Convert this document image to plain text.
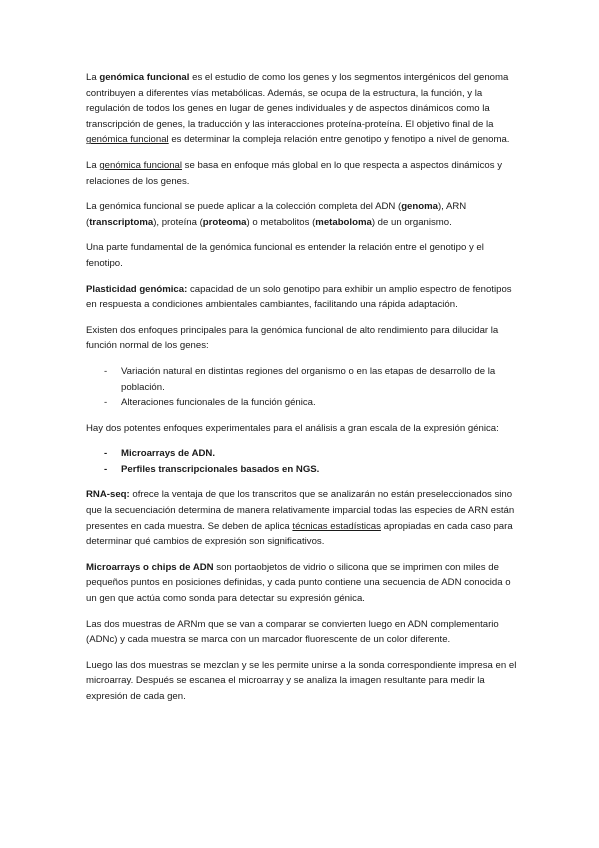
La genómica funcional es el estudio de como los genes y los segmentos intergénicos del genoma contribuyen a diferentes vías metabólicas. Además, se ocupa de la estructura, la función, y la regulación de todos los genes en lugar de genes individuales y de aspectos dinámicos como la transcripción de genes, la traducción y las interacciones proteína-proteína. El objetivo final de la genómica funcional es determinar la compleja relación entre genotipo y fenotipo a nivel de genoma.

La genómica funcional se basa en enfoque más global en lo que respecta a aspectos dinámicos y relaciones de los genes.

La genómica funcional se puede aplicar a la colección completa del ADN (genoma), ARN (transcriptoma), proteína (proteoma) o metabolitos (metaboloma) de un organismo.

Una parte fundamental de la genómica funcional es entender la relación entre el genotipo y el fenotipo.

Plasticidad genómica: capacidad de un solo genotipo para exhibir un amplio espectro de fenotipos en respuesta a condiciones ambientales cambiantes, facilitando una rápida adaptación.

Existen dos enfoques principales para la genómica funcional de alto rendimiento para dilucidar la función normal de los genes:

- Variación natural en distintas regiones del organismo o en las etapas de desarrollo de la población.
- Alteraciones funcionales de la función génica.

Hay dos potentes enfoques experimentales para el análisis a gran escala de la expresión génica:

- Microarrays de ADN.
- Perfiles transcripcionales basados en NGS.

RNA-seq: ofrece la ventaja de que los transcritos que se analizarán no están preseleccionados sino que la secuenciación determina de manera relativamente imparcial todas las especies de ARN están presentes en cada muestra. Se deben de aplica técnicas estadísticas apropiadas en cada caso para determinar qué cambios de expresión son significativos.

Microarrays o chips de ADN son portaobjetos de vidrio o silicona que se imprimen con miles de pequeños puntos en posiciones definidas, y cada punto contiene una secuencia de ADN conocida o un gen que actúa como sonda para detectar su expresión génica.

Las dos muestras de ARNm que se van a comparar se convierten luego en ADN complementario (ADNc) y cada muestra se marca con un marcador fluorescente de un color diferente.

Luego las dos muestras se mezclan y se les permite unirse a la sonda correspondiente impresa en el microarray. Después se escanea el microarray y se analiza la imagen resultante para medir la expresión de cada gen.
